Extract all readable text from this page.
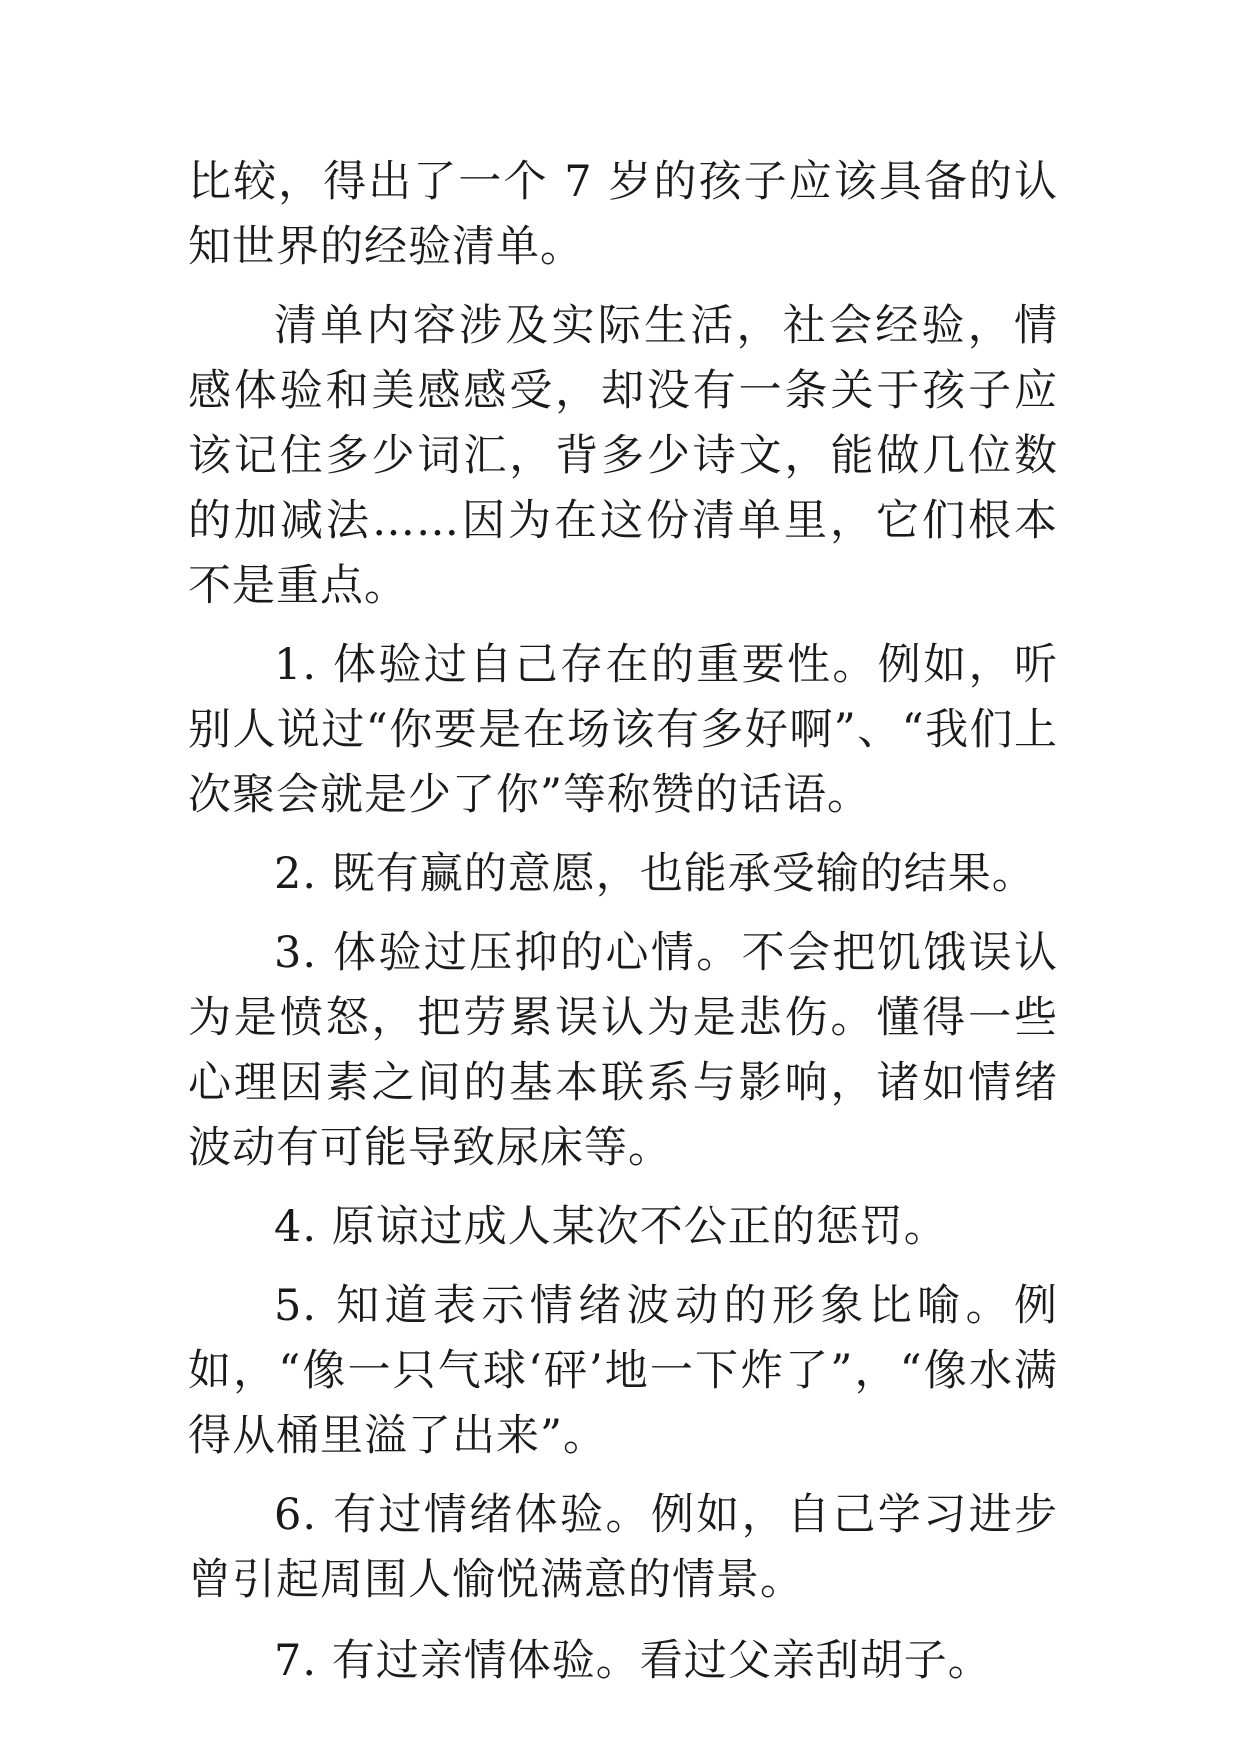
比较，得出了一个 7 岁的孩子应该具备的认知世界的经验清单。

清单内容涉及实际生活，社会经验，情感体验和美感感受，却没有一条关于孩子应该记住多少词汇，背多少诗文，能做几位数的加减法……因为在这份清单里，它们根本不是重点。

1. 体验过自己存在的重要性。例如，听别人说过“你要是在场该有多好啊”、“我们上次聚会就是少了你”等称赞的话语。

2. 既有赢的意愿，也能承受输的结果。

3. 体验过压抑的心情。不会把饥饿误认为是愤怒，把劳累误认为是悲伤。懂得一些心理因素之间的基本联系与影响，诸如情绪波动有可能导致尿床等。

4. 原谅过成人某次不公正的惩罚。

5. 知道表示情绪波动的形象比喻。例如，“像一只气球‘砰’地一下炸了”，“像水满得从桶里溢了出来”。

6. 有过情绪体验。例如，自己学习进步曾引起周围人愉悦满意的情景。

7. 有过亲情体验。看过父亲刮胡子。
